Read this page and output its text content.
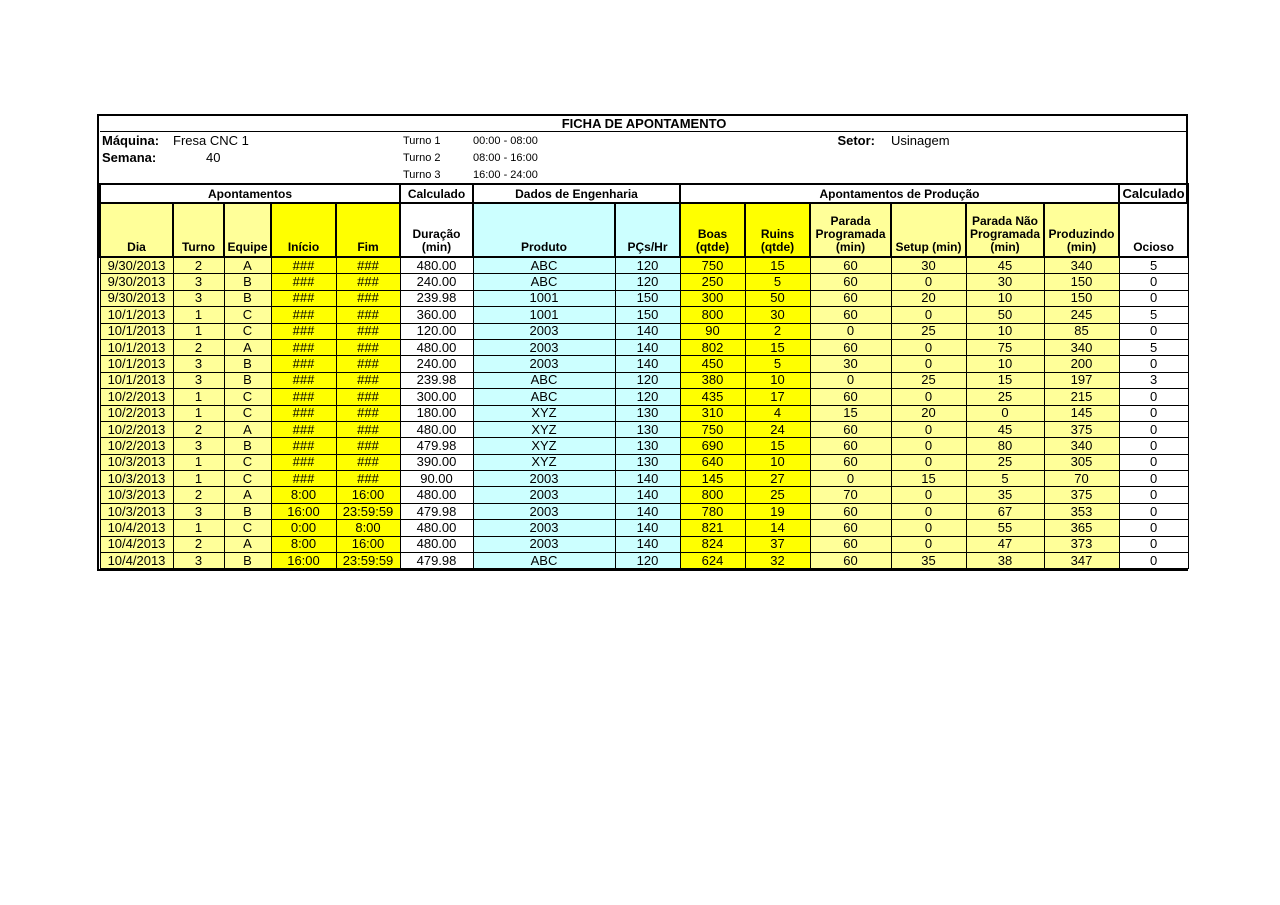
FICHA DE APONTAMENTO														
Máquina:	Fresa CNC 1				Turno 1	00:00 - 08:00			Setor:		Usinagem			
Semana:	40				Turno 2	08:00 - 16:00								
					Turno 3	16:00 - 24:00								
Apontamentos					Calculado	Dados de Engenharia		Apontamentos de Produção						Calculado
Dia	Turno	Equipe	Início	Fim	Duração (min)	Produto	PÇs/Hr	Boas (qtde)	Ruins (qtde)	Parada Programada (min)	Setup (min)	Parada Não Programada (min)	Produzindo (min)	Ocioso
9/30/2013	2	A	###	###	480.00	ABC	120	750	15	60	30	45	340	5
9/30/2013	3	B	###	###	240.00	ABC	120	250	5	60	0	30	150	0
9/30/2013	3	B	###	###	239.98	1001	150	300	50	60	20	10	150	0
10/1/2013	1	C	###	###	360.00	1001	150	800	30	60	0	50	245	5
10/1/2013	1	C	###	###	120.00	2003	140	90	2	0	25	10	85	0
10/1/2013	2	A	###	###	480.00	2003	140	802	15	60	0	75	340	5
10/1/2013	3	B	###	###	240.00	2003	140	450	5	30	0	10	200	0
10/1/2013	3	B	###	###	239.98	ABC	120	380	10	0	25	15	197	3
10/2/2013	1	C	###	###	300.00	ABC	120	435	17	60	0	25	215	0
10/2/2013	1	C	###	###	180.00	XYZ	130	310	4	15	20	0	145	0
10/2/2013	2	A	###	###	480.00	XYZ	130	750	24	60	0	45	375	0
10/2/2013	3	B	###	###	479.98	XYZ	130	690	15	60	0	80	340	0
10/3/2013	1	C	###	###	390.00	XYZ	130	640	10	60	0	25	305	0
10/3/2013	1	C	###	###	90.00	2003	140	145	27	0	15	5	70	0
10/3/2013	2	A	8:00	16:00	480.00	2003	140	800	25	70	0	35	375	0
10/3/2013	3	B	16:00	23:59:59	479.98	2003	140	780	19	60	0	67	353	0
10/4/2013	1	C	0:00	8:00	480.00	2003	140	821	14	60	0	55	365	0
10/4/2013	2	A	8:00	16:00	480.00	2003	140	824	37	60	0	47	373	0
10/4/2013	3	B	16:00	23:59:59	479.98	ABC	120	624	32	60	35	38	347	0
